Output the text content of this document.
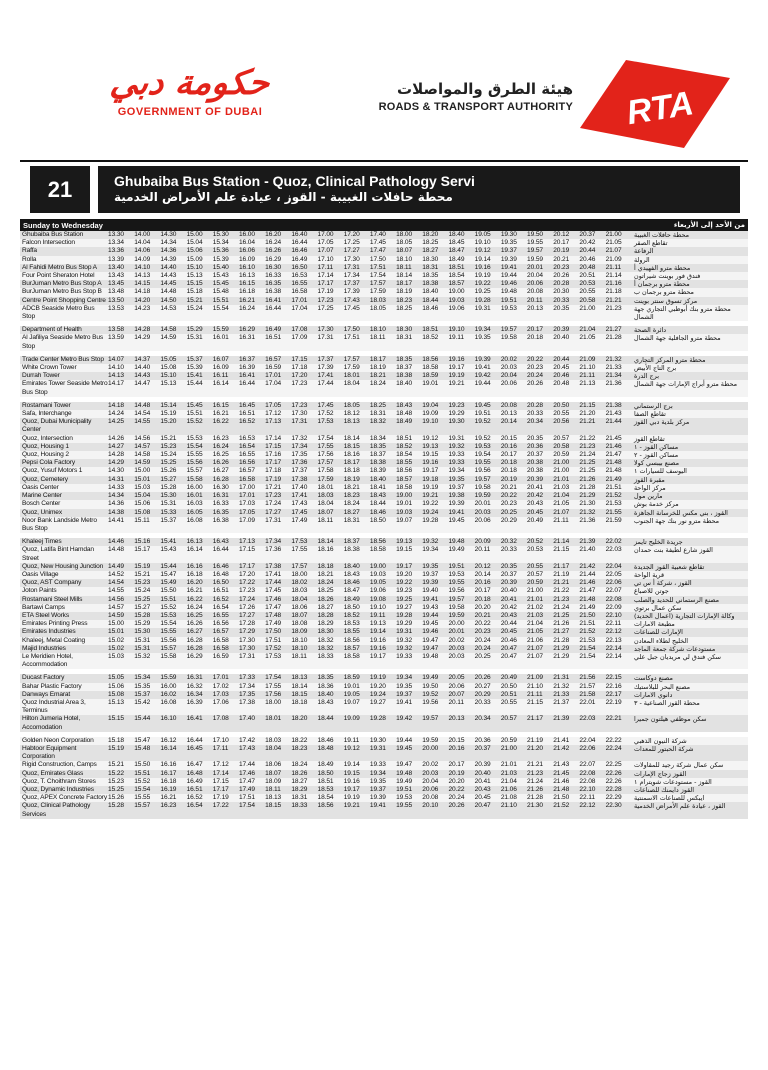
حكومة دبي
GOVERNMENT OF DUBAI
هيئة الطرق والمواصلات
ROADS & TRANSPORT AUTHORITY RTA
21	Ghubaiba Bus Station - Quoz, Clinical Pathology Servi
محطة حافلات الغبيبة - القوز ، عيادة علم الأمراض الخدمية
Sunday to Wednesday	من الأحد إلى الأربعاء
Ghubaiba Bus Station	13.30	14.00	14.30	15.00	15.30	16.00	16.20	16.40	17.00	17.20	17.40	18.00	18.20	18.40	19.05	19.30	19.50	20.12	20.37	21.00	محطة حافلات الغبيبة
Falcon Intersection	13.34	14.04	14.34	15.04	15.34	16.04	16.24	16.44	17.05	17.25	17.45	18.05	18.25	18.45	19.10	19.35	19.55	20.17	20.42	21.05	تقاطع الصقر
Raffa	13.36	14.06	14.36	15.06	15.36	16.06	16.26	16.46	17.07	17.27	17.47	18.07	18.27	18.47	19.12	19.37	19.57	20.19	20.44	21.07	الرفاعة
Rolla	13.39	14.09	14.39	15.09	15.39	16.09	16.29	16.49	17.10	17.30	17.50	18.10	18.30	18.49	19.14	19.39	19.59	20.21	20.46	21.09	الرولة
Al Fahidi Metro Bus Stop A	13.40	14.10	14.40	15.10	15.40	16.10	16.30	16.50	17.11	17.31	17.51	18.11	18.31	18.51	19.16	19.41	20.01	20.23	20.48	21.11	محطة مترو الفهيدي أ
Four Point Sheraton Hotel	13.43	14.13	14.43	15.13	15.43	16.13	16.33	16.53	17.14	17.34	17.54	18.14	18.35	18.54	19.19	19.44	20.04	20.26	20.51	21.14	فندق فور بوينت شيراتون
BurJuman Metro Bus Stop A 13.45	14.15	14.45	15.15	15.45	16.15	16.35	16.55	17.17	17.37	17.57	18.17	18.38	18.57	19.22	19.46	20.06	20.28	20.53	21.16	محطة مترو برجمان أ
BurJuman Metro Bus Stop B 13.48	14.18	14.48	15.18	15.48	16.18	16.38	16.58	17.19	17.39	17.59	18.19	18.40	19.00	19.25	19.48	20.08	20.30	20.55	21.18	محطة مترو برجمان ب
Centre Point Shopping Centre 13.50	14.20	14.50	15.21	15.51	16.21	16.41	17.01	17.23	17.43	18.03	18.23	18.44	19.03	19.28	19.51	20.11	20.33	20.58	21.21	مركز تسوق سنتر بوينت
ADCB Seaside Metro Bus Stop
13.53	14.23	14.53	15.24	15.54	16.24	16.44	17.04	17.25	17.45	18.05	18.25	18.46	19.06	19.31	19.53	20.13	20.35	21.00	21.23	محطة مترو بنك أبوظبي التجاري جهة الشمال
Department of Health	13.58	14.28	14.58	15.29	15.59	16.29	16.49	17.08	17.30	17.50	18.10	18.30	18.51	19.10	19.34	19.57	20.17	20.39	21.04	21.27	دائرة الصحة
Al Jafiliya Seaside Metro Bus Stop
13.59	14.29	14.59	15.31	16.01	16.31	16.51	17.09	17.31	17.51	18.11	18.31	18.52	19.11	19.35	19.58	20.18	20.40	21.05	21.28	محطة مترو الجافلية جهة الشمال
Trade Center Metro Bus Stop 14.07	14.37	15.05	15.37	16.07	16.37	16.57	17.15	17.37	17.57	18.17	18.35	18.56	19.16	19.39	20.02	20.22	20.44	21.09	21.32	محطة مترو المركز التجاري
White Crown Tower	14.10	14.40	15.08	15.39	16.09	16.39	16.59	17.18	17.39	17.59	18.19	18.37	18.58	19.17	19.41	20.03	20.23	20.45	21.10	21.33	برج التاج الأبيض
Durrah Tower	14.13	14.43	15.10	15.41	16.11	16.41	17.01	17.20	17.41	18.01	18.21	18.38	18.59	19.19	19.42	20.04	20.24	20.46	21.11	21.34	برج الدرة
Emirates Tower Seaside Metro Bus Stop
14.17	14.47	15.13	15.44	16.14	16.44	17.04	17.23	17.44	18.04	18.24	18.40	19.01	19.21	19.44	20.06	20.26	20.48	21.13	21.36	محطة مترو أبراج الإمارات جهة الشمال
Rostamani Tower	14.18	14.48	15.14	15.45	16.15	16.45	17.05	17.23	17.45	18.05	18.25	18.43	19.04	19.23	19.45	20.08	20.28	20.50	21.15	21.38	برج الرستماني
Safa, Interchange	14.24	14.54	15.19	15.51	16.21	16.51	17.12	17.30	17.52	18.12	18.31	18.48	19.09	19.29	19.51	20.13	20.33	20.55	21.20	21.43	تقاطع الصفا
Quoz, Dubai Municipality Center
14.25	14.55	15.20	15.52	16.22	16.52	17.13	17.31	17.53	18.13	18.32	18.49	19.10	19.30	19.52	20.14	20.34	20.56	21.21	21.44	مركز بلدية دبي القوز
Quoz, Intersection	14.26	14.56	15.21	15.53	16.23	16.53	17.14	17.32	17.54	18.14	18.34	18.51	19.12	19.31	19.52	20.15	20.35	20.57	21.22	21.45	تقاطع القوز
Quoz, Housing 1	14.27	14.57	15.23	15.54	16.24	16.54	17.15	17.34	17.55	18.15	18.35	18.52	19.13	19.32	19.53	20.16	20.36	20.58	21.23	21.46	مساكن القوز - ١
Quoz, Housing 2	14.28	14.58	15.24	15.55	16.25	16.55	17.16	17.35	17.56	18.16	18.37	18.54	19.15	19.33	19.54	20.17	20.37	20.59	21.24	21.47	مساكن القوز - ٢
Pepsi Cola Factory	14.29	14.59	15.25	15.56	16.26	16.56	17.17	17.36	17.57	18.17	18.38	18.55	19.16	19.33	19.55	20.18	20.38	21.00	21.25	21.48	مصنع بيبسي كولا
Quoz, Yusuf Motors 1	14.30	15.00	15.26	15.57	16.27	16.57	17.18	17.37	17.58	18.18	18.39	18.56	19.17	19.34	19.56	20.18	20.38	21.00	21.25	21.48	اليوسف للسيارات ١
Quoz, Cemetery	14.31	15.01	15.27	15.58	16.28	16.58	17.19	17.38	17.59	18.19	18.40	18.57	19.18	19.35	19.57	20.19	20.39	21.01	21.26	21.49	مقبرة القوز
Oasis Center	14.33	15.03	15.28	16.00	16.30	17.00	17.21	17.40	18.01	18.21	18.41	18.58	19.19	19.37	19.58	20.21	20.41	21.03	21.28	21.51	مركز الواحة
Marine Center	14.34	15.04	15.30	16.01	16.31	17.01	17.23	17.41	18.03	18.23	18.43	19.00	19.21	19.38	19.59	20.22	20.42	21.04	21.29	21.52	مارين مول
Bosch Center	14.36	15.06	15.31	16.03	16.33	17.03	17.24	17.43	18.04	18.24	18.44	19.01	19.22	19.39	20.01	20.23	20.43	21.05	21.30	21.53	مركز خدمة بوش
Quoz, Unimex	14.38	15.08	15.33	16.05	16.35	17.05	17.27	17.45	18.07	18.27	18.46	19.03	19.24	19.41	20.03	20.25	20.45	21.07	21.32	21.55	القوز ، بني مكس للخرسانة الجاهزة
Noor Bank Landside Metro Bus Stop
14.41	15.11	15.37	16.08	16.38	17.09	17.31	17.49	18.11	18.31	18.50	19.07	19.28	19.45	20.06	20.29	20.49	21.11	21.36	21.59	محطة مترو نور بنك جهة الجنوب
Khaleej Times	14.46	15.16	15.41	16.13	16.43	17.13	17.34	17.53	18.14	18.37	18.56	19.13	19.32	19.48	20.09	20.32	20.52	21.14	21.39	22.02	جريدة الخليج تايمز
Quoz, Latifa Bint Hamdan Street
14.48	15.17	15.43	16.14	16.44	17.15	17.36	17.55	18.16	18.38	18.58	19.15	19.34	19.49	20.11	20.33	20.53	21.15	21.40	22.03	القوز شارع لطيفة بنت حمدان
Quoz, New Housing Junction 14.49	15.19	15.44	16.16	16.46	17.17	17.38	17.57	18.18	18.40	19.00	19.17	19.35	19.51	20.12	20.35	20.55	21.17	21.42	22.04	تقاطع شعبية القوز الجديدة
Oasis Village	14.52	15.21	15.47	16.18	16.48	17.20	17.41	18.00	18.21	18.43	19.03	19.20	19.37	19.53	20.14	20.37	20.57	21.19	21.44	22.05	قرية الواحة
Quoz, AST Company	14.54	15.23	15.49	16.20	16.50	17.22	17.44	18.02	18.24	18.46	19.05	19.22	19.39	19.55	20.16	20.39	20.59	21.21	21.46	22.06	القوز ، شركة أ س تي
Joton Paints	14.55	15.24	15.50	16.21	16.51	17.23	17.45	18.03	18.25	18.47	19.06	19.23	19.40	19.56	20.17	20.40	21.00	21.22	21.47	22.07	جوتن للاصباغ
Rostamani Steel Mills	14.56	15.25	15.51	16.22	16.52	17.24	17.46	18.04	18.26	18.49	19.08	19.25	19.41	19.57	20.18	20.41	21.01	21.23	21.48	22.08	مصنع الرستماني للحديد والصلب
Bartawi Camps	14.57	15.27	15.52	16.24	16.54	17.26	17.47	18.06	18.27	18.50	19.10	19.27	19.43	19.58	20.20	20.42	21.02	21.24	21.49	22.09	سكن عمال برتوي
ETA Steel Works	14.59	15.28	15.53	16.25	16.55	17.27	17.48	18.07	18.28	18.52	19.11	19.28	19.44	19.59	20.21	20.43	21.03	21.25	21.50	22.10	وكالة الإمارات التجارية (اعمال الحديد)
Emirates Printing Press	15.00	15.29	15.54	16.26	16.56	17.28	17.49	18.08	18.29	18.53	19.13	19.29	19.45	20.00	20.22	20.44	21.04	21.26	21.51	22.11	مطبعة الامارات
Emirates Industries	15.01	15.30	15.55	16.27	16.57	17.29	17.50	18.09	18.30	18.55	19.14	19.31	19.46	20.01	20.23	20.45	21.05	21.27	21.52	22.12	الإمارات للصناعات
Khaleej, Metal Coating	15.02	15.31	15.56	16.28	16.58	17.30	17.51	18.10	18.32	18.56	19.16	19.32	19.47	20.02	20.24	20.46	21.06	21.28	21.53	22.13	الخليج لطلاء المعادن
Majid Industries	15.02	15.31	15.57	16.28	16.58	17.30	17.52	18.10	18.32	18.57	19.16	19.32	19.47	20.03	20.24	20.47	21.07	21.29	21.54	22.14	مستودعات شركة جمعة الماجد
Le Meridien Hotel, Accommodation
15.03	15.32	15.58	16.29	16.59	17.31	17.53	18.11	18.33	18.58	19.17	19.33	19.48	20.03	20.25	20.47	21.07	21.29	21.54	22.14	سكن فندق لي مريديان جبل علي
Ducast Factory	15.05	15.34	15.59	16.31	17.01	17.33	17.54	18.13	18.35	18.59	19.19	19.34	19.49	20.05	20.26	20.49	21.09	21.31	21.56	22.15	مصنع دوكاست
Bahar Plastic Factory	15.06	15.35	16.00	16.32	17.02	17.34	17.55	18.14	18.36	19.01	19.20	19.35	19.50	20.06	20.27	20.50	21.10	21.32	21.57	22.16	مصنع البحر للبلاستيك
Danways Emarat	15.08	15.37	16.02	16.34	17.03	17.35	17.56	18.15	18.40	19.05	19.24	19.37	19.52	20.07	20.29	20.51	21.11	21.33	21.58	22.17	دانوي الامارات
Quoz Industrial Area 3, Terminus
15.13	15.42	16.08	16.39	17.06	17.38	18.00	18.18	18.43	19.07	19.27	19.41	19.56	20.11	20.33	20.55	21.15	21.37	22.01	22.19	محطة القوز الصناعية - ٣
Hilton Jumeria Hotel, Accomodation
15.15	15.44	16.10	16.41	17.08	17.40	18.01	18.20	18.44	19.09	19.28	19.42	19.57	20.13	20.34	20.57	21.17	21.39	22.03	22.21	سكن موظفي هيلتون جميرا
Golden Neon Corporation	15.18	15.47	16.12	16.44	17.10	17.42	18.03	18.22	18.46	19.11	19.30	19.44	19.59	20.15	20.36	20.59	21.19	21.41	22.04	22.22	شركة النيون الذهبي
Habtoor Equipment Corporation
15.19	15.48	16.14	16.45	17.11	17.43	18.04	18.23	18.48	19.12	19.31	19.45	20.00	20.16	20.37	21.00	21.20	21.42	22.06	22.24	شركة الحبتور للمعدات
Rigid Construction, Camps	15.21	15.50	16.16	16.47	17.12	17.44	18.06	18.24	18.49	19.14	19.33	19.47	20.02	20.17	20.39	21.01	21.21	21.43	22.07	22.25	سكن عمال شركة رجيد للمقاولات
Quoz, Emirates Glass	15.22	15.51	16.17	16.48	17.14	17.46	18.07	18.26	18.50	19.15	19.34	19.48	20.03	20.19	20.40	21.03	21.23	21.45	22.08	22.26	القوز زجاج الإمارات
Quoz, T. Choithram Stores	15.23	15.52	16.18	16.49	17.15	17.47	18.09	18.27	18.51	19.16	19.35	19.49	20.04	20.20	20.41	21.04	21.24	21.46	22.08	22.26	القوز - مستودعات شويترام ١
Quoz, Dynamic Industries	15.25	15.54	16.19	16.51	17.17	17.49	18.11	18.29	18.53	19.17	19.37	19.51	20.06	20.22	20.43	21.06	21.26	21.48	22.10	22.28	القوز دايمنك للصناعات
Quoz, APEX Concrete Factory 15.26	15.55	16.21	16.52	17.19	17.51	18.13	18.31	18.54	19.19	19.39	19.53	20.08	20.24	20.45	21.08	21.28	21.50	22.11	22.29	ايبكس للصناعات الاسمنتية
Quoz, Clinical Pathology Services
15.28	15.57	16.23	16.54	17.22	17.54	18.15	18.33	18.56	19.21	19.41	19.55	20.10	20.26	20.47	21.10	21.30	21.52	22.12	22.30	القوز ، عيادة علم الأمراض الخدمية
